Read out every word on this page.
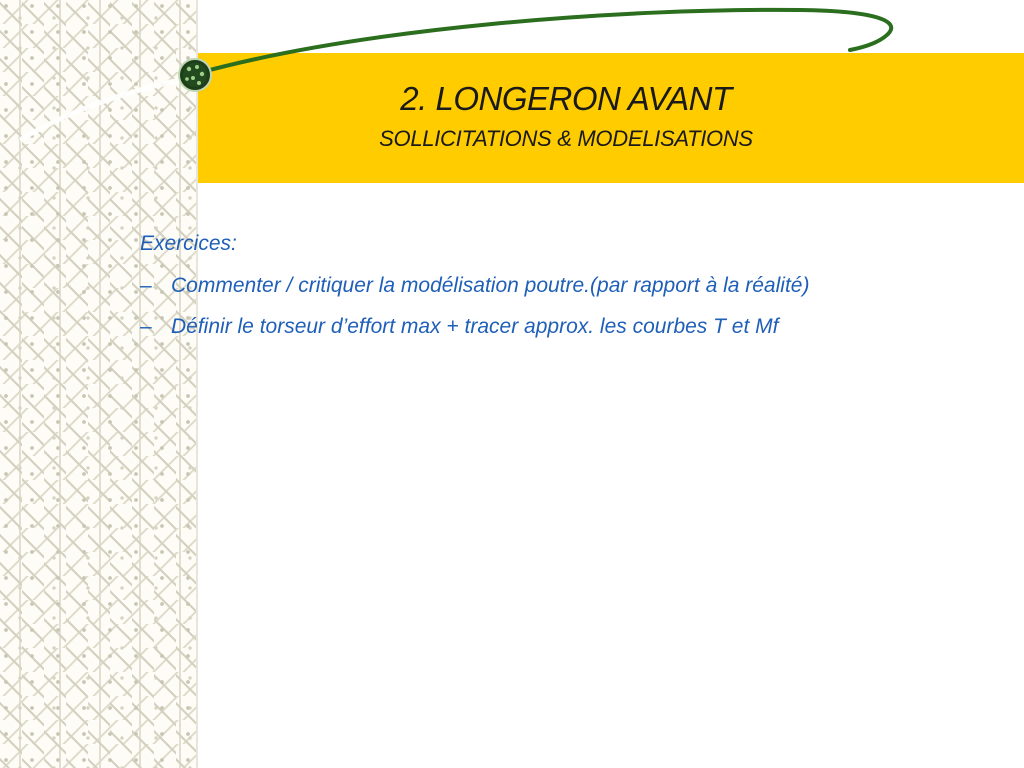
2. LONGERON AVANT
SOLLICITATIONS & MODELISATIONS
Exercices:
– Commenter / critiquer la modélisation poutre.(par rapport à la réalité)
– Définir le torseur d’effort max + tracer approx. les courbes T et Mf
